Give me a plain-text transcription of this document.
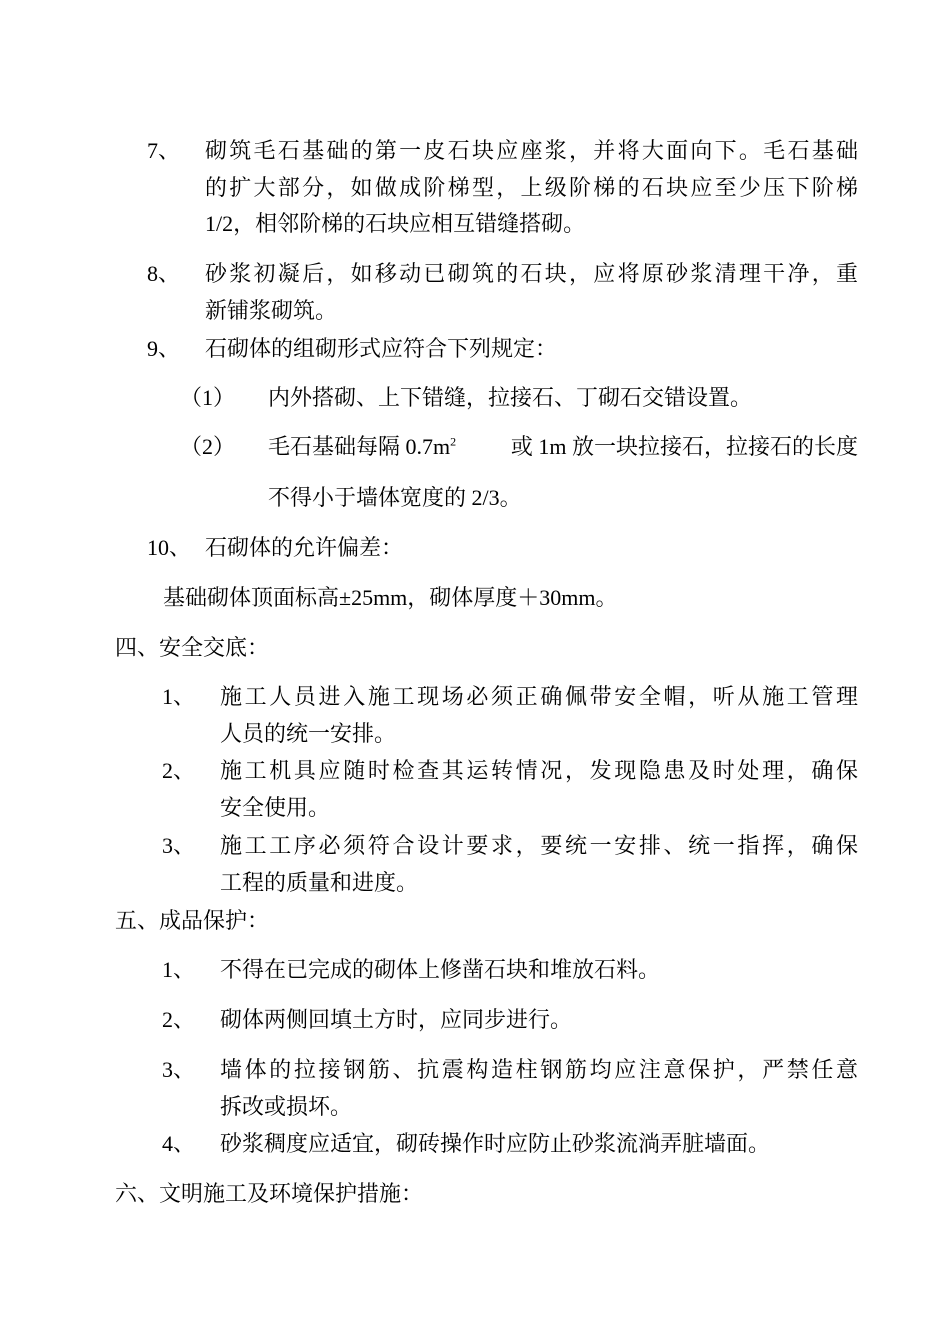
7、 砌筑毛石基础的第一皮石块应座浆，并将大面向下。毛石基础
的扩大部分，如做成阶梯型，上级阶梯的石块应至少压下阶梯
1/2，相邻阶梯的石块应相互错缝搭砌。
8、 砂浆初凝后，如移动已砌筑的石块，应将原砂浆清理干净，重
新铺浆砌筑。
9、 石砌体的组砌形式应符合下列规定：
（1） 内外搭砌、上下错缝，拉接石、丁砌石交错设置。
（2） 毛石基础每隔 $0.7m^2$ 或 1m 放一块拉接石，拉接石的长度
不得小于墙体宽度的 2/3。
10、 石砌体的允许偏差：
基础砌体顶面标高±25mm，砌体厚度＋30mm。
四、安全交底：
1、 施工人员进入施工现场必须正确佩带安全帽，听从施工管理
人员的统一安排。
2、 施工机具应随时检查其运转情况，发现隐患及时处理，确保
安全使用。
3、 施工工序必须符合设计要求，要统一安排、统一指挥，确保
工程的质量和进度。
五、成品保护：
1、 不得在已完成的砌体上修凿石块和堆放石料。
2、 砌体两侧回填土方时，应同步进行。
3、 墙体的拉接钢筋、抗震构造柱钢筋均应注意保护，严禁任意
拆改或损坏。
4、 砂浆稠度应适宜，砌砖操作时应防止砂浆流淌弄脏墙面。
六、文明施工及环境保护措施：
